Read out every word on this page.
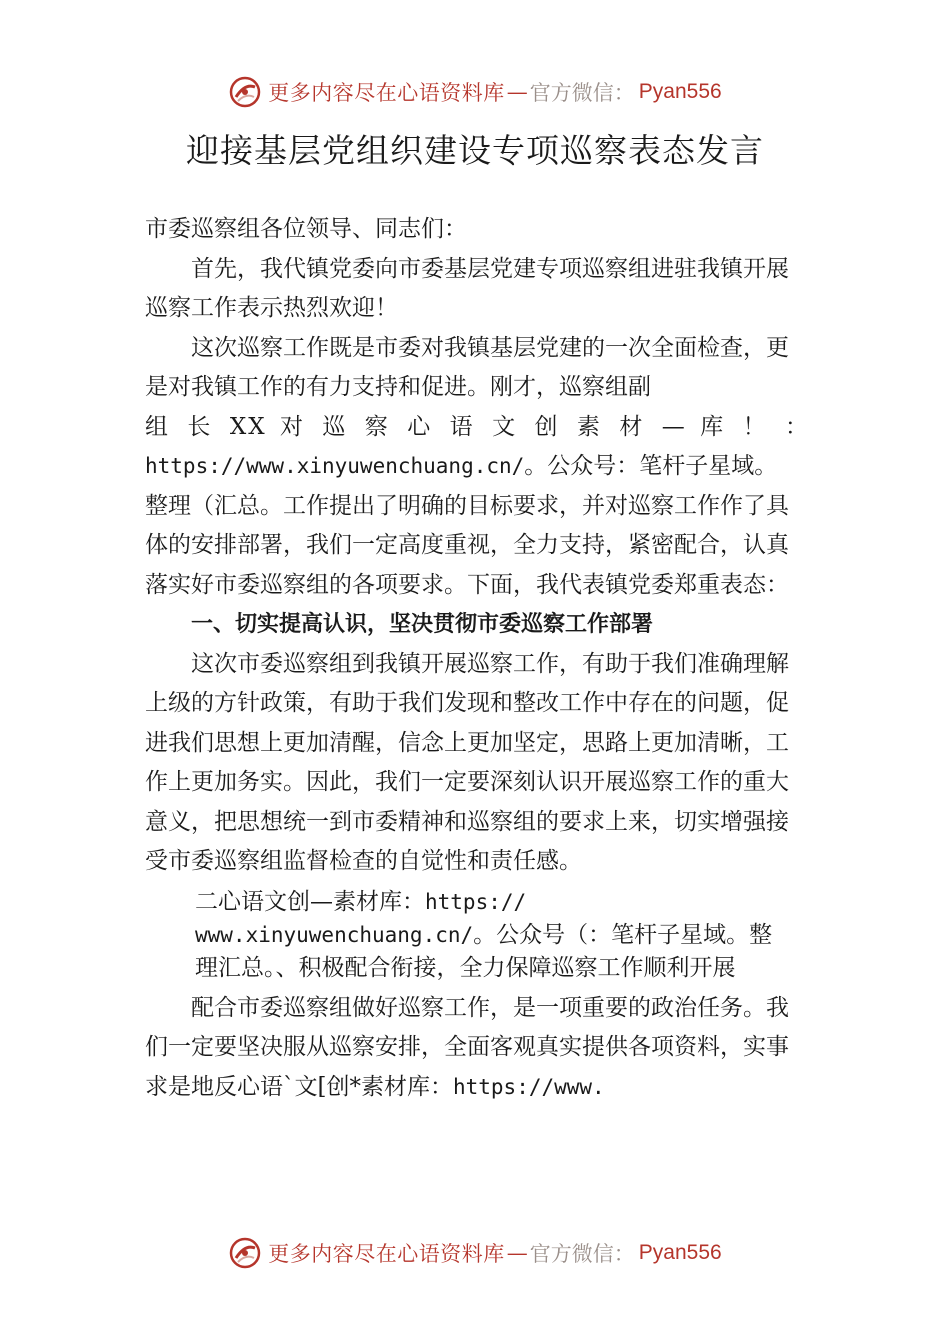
更多内容尽在心语资料库 — 官方微信： Pyan556
迎接基层党组织建设专项巡察表态发言

市委巡察组各位领导、同志们：

首先，我代镇党委向市委基层党建专项巡察组进驻我镇开展巡察工作表示热烈欢迎！

这次巡察工作既是市委对我镇基层党建的一次全面检查，更是对我镇工作的有力支持和促进。刚才，巡察组副

组 长 XX 对 巡 察 心 语 文 创 素 材 — 库 ！ ：

https://www.xinyuwenchuang.cn/。公众号：笔杆子星域。

整理（汇总。工作提出了明确的目标要求，并对巡察工作作了具体的安排部署，我们一定高度重视，全力支持，紧密配合，认真落实好市委巡察组的各项要求。下面，我代表镇党委郑重表态：

一、切实提高认识，坚决贯彻市委巡察工作部署

这次市委巡察组到我镇开展巡察工作，有助于我们准确理解上级的方针政策，有助于我们发现和整改工作中存在的问题，促进我们思想上更加清醒，信念上更加坚定，思路上更加清晰，工作上更加务实。因此，我们一定要深刻认识开展巡察工作的重大意义，把思想统一到市委精神和巡察组的要求上来，切实增强接受市委巡察组监督检查的自觉性和责任感。

二心语文创—素材库：https://
www.xinyuwenchuang.cn/。公众号（：笔杆子星域。整
理汇总。、积极配合衔接，全力保障巡察工作顺利开展

配合市委巡察组做好巡察工作，是一项重要的政治任务。我们一定要坚决服从巡察安排，全面客观真实提供各项资料，实事求是地反心语`文[创*素材库：https://www.

更多内容尽在心语资料库 — 官方微信： Pyan556
